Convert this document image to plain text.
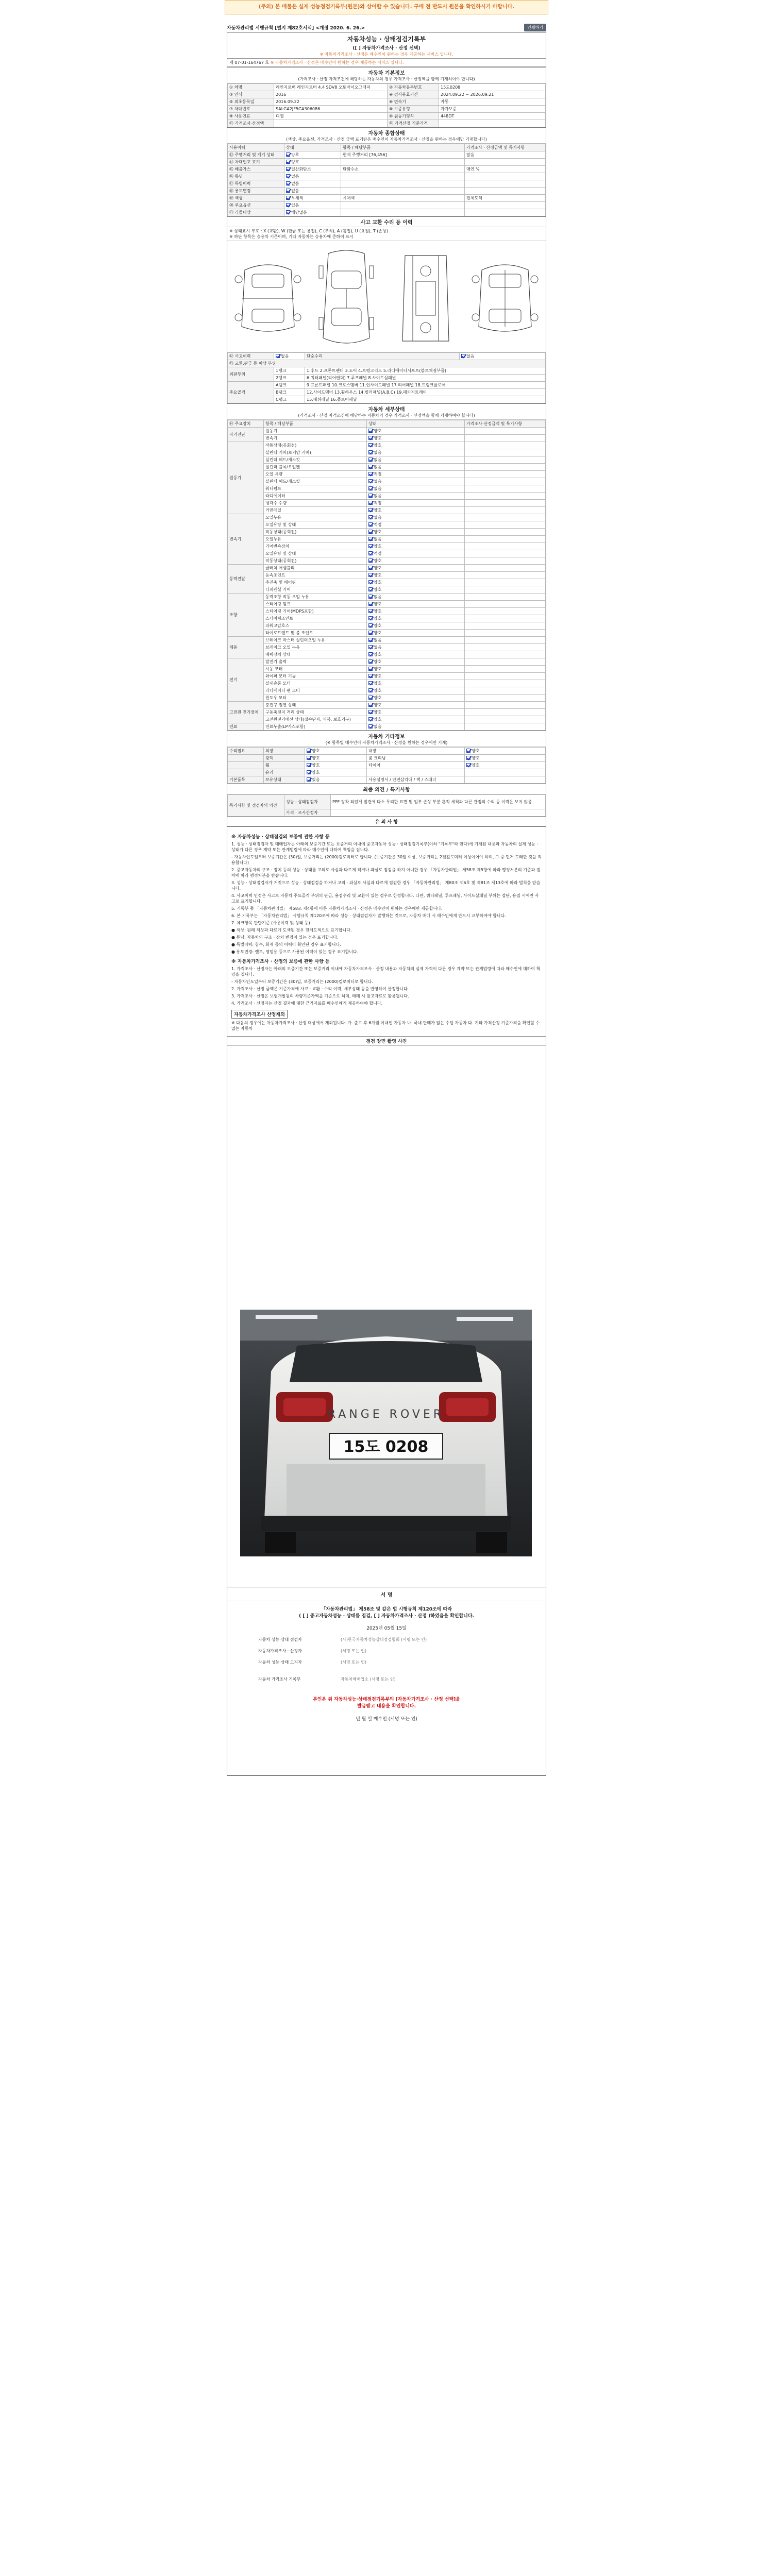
(주의) 본 매물은 실제 성능점검기록부(원본)와 상이할 수 있습니다. 구매 전 반드시 원본을 확인하시기 바랍니다.
자동차관리법 시행규칙 [별지 제82호서식] <개정 2020. 6. 26.>	인쇄하기
자동차성능 · 상태점검기록부
([ ] 자동차가격조사 · 산정 선택)
※ 자동차가격조사 · 산정은 매수인이 원하는 경우 제공하는 서비스 입니다.
제 07-01-164767 호 ※ 자동차가격조사 · 산정은 매수인이 원하는 경우 제공하는 서비스 입니다.
자동차 기본정보
(가격조사 · 산정 자격조건에 해당하는 자동차의 경우 가격조사 · 산정액을 함께 기재하여야 합니다)
① 차명	레인지로버 레인지로버 4.4 SDV8 오토바이오그래피	② 자동차등록번호	15도0208
③ 연식	2016	④ 검사유효기간	2024.09.22 ~ 2026.09.21
⑤ 최초등록일	2016.09.22	⑥ 변속기	자동
⑦ 차대번호	SALGA2JF5GA306086	⑧ 보증유형	자가보증
⑨ 사용연료	디젤	⑩ 원동기형식	448DT
⑪ 가격조사·산정액		⑫ 가격산정 기준가격	
자동차 종합상태
(색상, 주요옵션, 가격조사 · 산정 금액 표기란은 매수인이 자동차가격조사 · 산정을 원하는 경우에만 기재합니다)
사용이력	상태	항목 / 해당부품	가격조사 · 산정금액 및 특기사항
⑬ 주행거리 및 계기 상태	양호	현재 주행거리 [76,456]	많음
⑭ 차대번호 표기	양호		
⑮ 배출가스	일산화탄소	탄화수소	매연 %
⑯ 튜닝	없음		
⑰ 특별이력	없음		
⑱ 용도변경	없음		
⑲ 색상	무채색	유채색	전체도색
⑳ 주요옵션	있음		
㉑ 리콜대상	해당없음		
사고 교환 수리 등 이력
※ 상태표시 부호 : X (교환), W (판금 또는 용접), C (부식), A (흠집), U (요철), T (손상)
※ 하단 항목은 승용차 기준이며, 기타 자동차는 승용차에 준하여 표시
⑫ 사고이력	없음	단순수리	없음
⑬ 교환,판금 등 이상 부위			
외판부위	1랭크	1.후드 2.프론트펜더 3.도어 4.트렁크리드 5.라디에이터서포트(볼트체결부품)	
	2랭크	6.쿼터패널(리어펜더) 7.루프패널 8.사이드실패널	
주요골격	A랭크	9.프론트패널 10.크로스멤버 11.인사이드패널 17.리어패널 18.트렁크플로어	
	B랭크	12.사이드멤버 13.휠하우스 14.필러패널(A,B,C) 19.패키지트레이	
	C랭크	15.대쉬패널 16.플로어패널	
자동차 세부상태
(가격조사 · 산정 자격조건에 해당하는 자동차의 경우 가격조사 · 산정액을 함께 기재하여야 합니다)
⑭ 주요장치	항목 / 해당부품	상태	가격조사·산정금액 및 특기사항
자기진단	원동기	양호	
	변속기	양호	
원동기	작동상태(공회전)	양호	
	실린더 커버(로커암 커버)	없음	
	실린더 헤드/개스킷	없음	
	실린더 블록/오일팬	없음	
	오일 유량	적정	
	실린더 헤드/개스킷	없음	
	워터펌프	없음	
	라디에이터	없음	
	냉각수 수량	적정	
	커먼레일	양호	
변속기	오일누유	없음	
	오일유량 및 상태	적정	
	작동상태(공회전)	양호	
	오일누유	없음	
	기어변속장치	양호	
	오일유량 및 상태	적정	
	작동상태(공회전)	양호	
동력전달	클러치 어셈블리	양호	
	등속조인트	양호	
	추진축 및 베어링	양호	
	디퍼렌셜 기어	양호	
조향	동력조향 작동 오일 누유	없음	
	스티어링 펌프	양호	
	스티어링 기어(MDPS포함)	양호	
	스티어링조인트	양호	
	파워고압호스	양호	
	타이로드엔드 및 볼 조인트	양호	
제동	브레이크 마스터 실린더오일 누유	없음	
	브레이크 오일 누유	없음	
	배력장치 상태	양호	
전기	발전기 출력	양호	
	시동 모터	양호	
	와이퍼 모터 기능	양호	
	실내송풍 모터	양호	
	라디에이터 팬 모터	양호	
	윈도우 모터	양호	
고전원 전기장치	충전구 절연 상태	양호	
	구동축전지 격리 상태	양호	
	고전원전기배선 상태(접속단자, 피복, 보호기구)	양호	
연료	연료누출(LP가스포함)	없음	
자동차 기타정보
(※ 항목별 매수인이 자동차가격조사 · 산정을 원하는 경우에만 기재)
수리필요	외장	양호	내장	양호
	광택	양호	룸 크리닝	양호
	휠	양호	타이어	양호
	유리	양호		
기본품목	보유상태	있음	사용설명서 / 안전삼각대 / 잭 / 스패너	
최종 의견 / 특기사항
특기사항 및 점검자의 의견	성능 · 상태점검자	PPF 장착 되었게 발견에 다소 무리한 표면 및 일부 손상 부분 흔적 세척과 다른 관점의 수리 등 이력은 보지 않음
	가격 · 조사산정자	
유 의 사 항
※ 자동차성능 · 상태점검의 보증에 관한 사항 등

1. 성능 · 상태점검자 및 매매업자는 아래의 보증기간 또는 보증거리 이내에 중고자동차 성능 · 상태점검기록부(이하 "기록부"라 한다)에 기재된 내용과 자동차의 실제 성능 · 상태가 다른 경우 계약 또는 관계법령에 따라 매수인에 대하여 책임을 집니다.

- 자동차인도일부터 보증기간은 (30)일, 보증거리는 (2000)킬로미터로 합니다. (보증기간은 30일 이상, 보증거리는 2천킬로미터 이상이어야 하며, 그 중 먼저 도래한 것을 적용합니다)

2. 중고자동차의 구조 · 장치 등의 성능 · 상태를 고의로 사실과 다르게 적거나 과실로 점검을 하지 아니한 경우 「자동차관리법」 제58조 제5항에 따라 행정처분의 기준과 절차에 따라 행정처분을 받습니다.

3. 성능 · 상태점검자가 거짓으로 성능 · 상태점검을 하거나 고의 · 과실로 사실과 다르게 점검한 경우 「자동차관리법」 제80조 제6호 및 제81조 제13호에 따라 벌칙을 받습니다.

4. 사고이력 인정은 사고로 자동차 주요골격 부위의 판금, 용접수리 및 교환이 있는 경우로 한정합니다. 다만, 쿼터패널, 루프패널, 사이드실패널 부위는 절단, 용접 시에만 사고로 표기합니다.

5. 기록부 중 「자동차관리법」 제58조 제4항에 따른 자동차가격조사 · 산정은 매수인이 원하는 경우에만 제공합니다.

6. 본 기록부는 「자동차관리법」 시행규칙 제120조에 따라 성능 · 상태점검자가 발행하는 것으로, 자동차 매매 시 매수인에게 반드시 교부하여야 합니다.

7. 체크항목 판단기준 (사용이력 및 상태 등)

● 색상: 원래 색상과 다르게 도색된 경우 전체도색으로 표기합니다.

● 튜닝: 자동차의 구조 · 장치 변경이 있는 경우 표기합니다.

● 특별이력: 침수, 화재 등의 이력이 확인된 경우 표기합니다.

● 용도변경: 렌트, 영업용 등으로 사용된 이력이 있는 경우 표기합니다.

※ 자동차가격조사 · 산정의 보증에 관한 사항 등

1. 가격조사 · 산정자는 아래의 보증기간 또는 보증거리 이내에 자동차가격조사 · 산정 내용과 자동차의 실제 가격이 다른 경우 계약 또는 관계법령에 따라 매수인에 대하여 책임을 집니다.

- 자동차인도일부터 보증기간은 (30)일, 보증거리는 (2000)킬로미터로 합니다.

2. 가격조사 · 산정 금액은 기준가격에 사고 · 교환 · 수리 이력, 세부상태 등을 반영하여 산정합니다.

3. 가격조사 · 산정은 보험개발원의 차량기준가액을 기준으로 하며, 매매 시 참고자료로 활용됩니다.

4. 가격조사 · 산정자는 산정 결과에 대한 근거자료를 매수인에게 제공하여야 합니다.

자동차가격조사 산정제외

※ 다음의 경우에는 자동차가격조사 · 산정 대상에서 제외됩니다. 가. 출고 후 6개월 이내인 자동차 나. 국내 판매가 없는 수입 자동차 다. 기타 가격산정 기준가격을 확인할 수 없는 자동차

점검 장면 촬영 사진
RANGE ROVER
15도 0208
서 명
「자동차관리법」 제58조 및 같은 법 시행규칙 제120조에 따라
( [ ] 중고자동차성능 · 상태를 점검, [ ] 자동차가격조사 · 산정 )하였음을 확인합니다.
2025년 05월 15일
자동차 성능·상태 점검자	(사)한국자동차성능상태점검협회 (서명 또는 인)
자동차가격조사 · 산정자	(서명 또는 인)
자동차 성능·상태 고지자	(서명 또는 인)
자동차 가격조사 기록부	자동차매매업소 (서명 또는 인)
본인은 위 자동차성능·상태점검기록부의 [자동차가격조사 · 산정 선택]을
발급받고 내용을 확인합니다.
년 월 일 매수인 (서명 또는 인)
